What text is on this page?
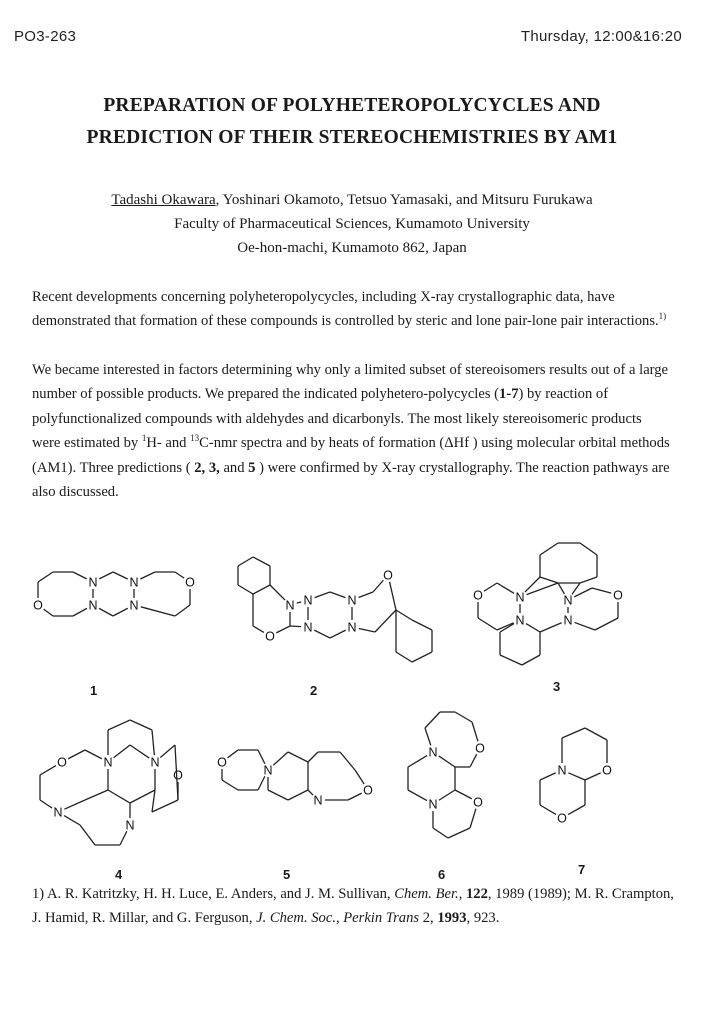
PO3-263	Thursday, 12:00&16:20
PREPARATION OF POLYHETEROPOLYCYCLES AND
PREDICTION OF THEIR STEREOCHEMISTRIES BY AM1
Tadashi Okawara, Yoshinari Okamoto, Tetsuo Yamasaki, and Mitsuru Furukawa
Faculty of Pharmaceutical Sciences, Kumamoto University
Oe-hon-machi, Kumamoto 862, Japan
Recent developments concerning polyheteropolycycles, including X-ray crystallographic data, have demonstrated that formation of these compounds is controlled by steric and lone pair-lone pair interactions.$^{1)}$
We became interested in factors determining why only a limited subset of stereoisomers results out of a large number of possible products. We prepared the indicated polyhetero-polycycles (1-7) by reaction of polyfunctionalized compounds with aldehydes and dicarbonyls. The most likely stereoisomeric products were estimated by $^1$H- and $^{13}$C-nmr spectra and by heats of formation (ΔHf ) using molecular orbital methods (AM1). Three predictions ( 2, 3, and 5 ) were confirmed by X-ray crystallography. The reaction pathways are also discussed.
N
N
O
N
N
O
N
O
N
N
N
N
O
N	N
N	N
O	O
N	N
O
N
O
N
O
N
O
N
O
N
N	O
O
N
O
1	2	3
4	5	6	7
1) A. R. Katritzky, H. H. Luce, E. Anders, and J. M. Sullivan, Chem. Ber., 122, 1989 (1989); M. R. Crampton, J. Hamid, R. Millar, and G. Ferguson, J. Chem. Soc., Perkin Trans 2, 1993, 923.
